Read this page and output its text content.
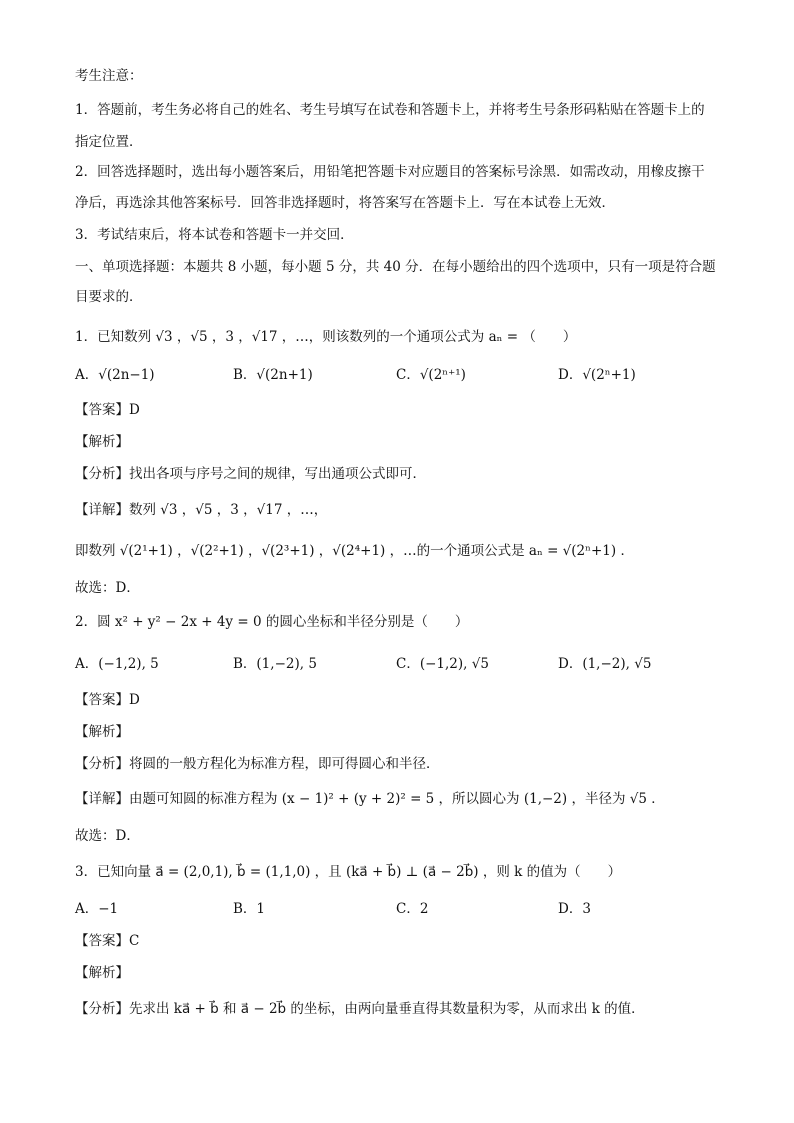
考生注意：
1．答题前，考生务必将自己的姓名、考生号填写在试卷和答题卡上，并将考生号条形码粘贴在答题卡上的
指定位置．
2．回答选择题时，选出每小题答案后，用铅笔把答题卡对应题目的答案标号涂黑．如需改动，用橡皮擦干
净后，再选涂其他答案标号．回答非选择题时，将答案写在答题卡上．写在本试卷上无效．
3．考试结束后，将本试卷和答题卡一并交回．
一、单项选择题：本题共 8 小题，每小题 5 分，共 40 分．在每小题给出的四个选项中，只有一项是符合题
目要求的．
1．已知数列 √3 ，√5 ，3 ，√17 ，…，则该数列的一个通项公式为 aₙ = （　　）
A．√(2n−1)	B．√(2n+1)	C．√(2ⁿ⁺¹)	D．√(2ⁿ+1)
【答案】D
【解析】
【分析】找出各项与序号之间的规律，写出通项公式即可．
【详解】数列 √3 ，√5 ，3 ，√17 ，…，
即数列 √(2¹+1) ，√(2²+1) ，√(2³+1) ，√(2⁴+1) ，…的一个通项公式是 aₙ = √(2ⁿ+1) ．
故选：D．
2．圆 x² + y² − 2x + 4y = 0 的圆心坐标和半径分别是（　　）
A．(−1,2), 5	B．(1,−2), 5	C．(−1,2), √5	D．(1,−2), √5
【答案】D
【解析】
【分析】将圆的一般方程化为标准方程，即可得圆心和半径．
【详解】由题可知圆的标准方程为 (x − 1)² + (y + 2)² = 5 ，所以圆心为 (1,−2) ，半径为 √5 ．
故选：D．
3．已知向量 a⃗ = (2,0,1), b⃗ = (1,1,0) ，且 (ka⃗ + b⃗) ⊥ (a⃗ − 2b⃗) ，则 k 的值为（　　）
A．−1	B．1	C．2	D．3
【答案】C
【解析】
【分析】先求出 ka⃗ + b⃗ 和 a⃗ − 2b⃗ 的坐标，由两向量垂直得其数量积为零，从而求出 k 的值．
